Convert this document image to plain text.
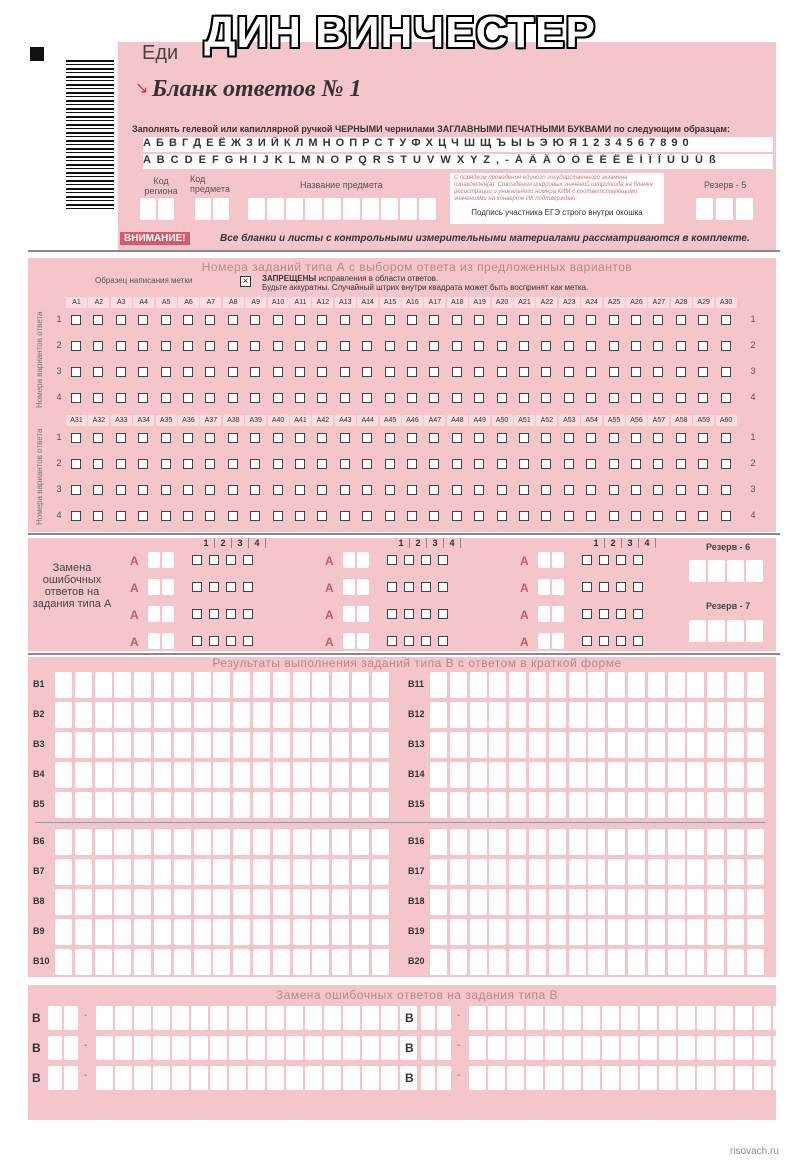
Еди
↘ Бланк ответов № 1
Заполнять гелевой или капиллярной ручкой ЧЕРНЫМИ чернилами ЗАГЛАВНЫМИ ПЕЧАТНЫМИ БУКВАМИ по следующим образцам:
А Б В Г Д Е Ё Ж З И Й К Л М Н О П Р С Т У Ф Х Ц Ч Ш Щ Ъ Ы Ь Э Ю Я 1 2 3 4 5 6 7 8 9 0
A B C D E F G H I J K L M N O P Q R S T U V W X Y Z , - Á Â Ä Ó Ö È É Ê Ë Í Î Ï Ú Ù Û ß
Код региона
Код предмета	Название предмета
С порядком проведения единого государственного экзамена ознакомлен(а). Совпадение цифровых значений штрихкода на бланке регистрации и уникального номера КИМ с соответствующими значениями на конверте ИК подтверждаю
Подпись участника ЕГЭ строго внутри окошка
Резерв - 5
ВНИМАНИЕ!	Все бланки и листы с контрольными измерительными материалами рассматриваются в комплекте.
Номера заданий типа А с выбором ответа из предложенных вариантов
Образец написания метки	×	ЗАПРЕЩЕНЫ исправления в области ответов.
Будьте аккуратны. Случайный штрих внутри квадрата может быть воспринят как метка.
Номера вариантов ответа
Номера вариантов ответа
А1	А2	А3	А4	А5	А6	А7	А8	А9	А10	А11	А12	А13	А14	А15	А16	А17	А18	А19	А20	А21	А22	А23	А24	А25	А26	А27	А28	А29	А30
1	1
2	2
3	3
4	4
А31	А32	А33	А34	А35	А36	А37	А38	А39	А40	А41	А42	А43	А44	А45	А46	А47	А48	А49	А50	А51	А52	А53	А54	А55	А56	А57	А58	А59	А60
1	1
2	2
3	3
4	4
Замена ошибочных ответов на задания типа А
1 2 3 4
А
А
А
А
1 2 3 4
А
А
А
А
1 2 3 4
А
А
А
А
Резерв - 6
Резерв - 7
Результаты выполнения заданий типа В с ответом в краткой форме
B1	B11
B2	B12
B3	B13
B4	B14
B5	B15
B6	B16
B7	B17
B8	B18
B9	B19
B10	B20
Замена ошибочных ответов на задания типа В
В	-	В	-
В	-	В	-
В	-	В	-
ДИН ВИНЧЕСТЕР
risovach.ru
